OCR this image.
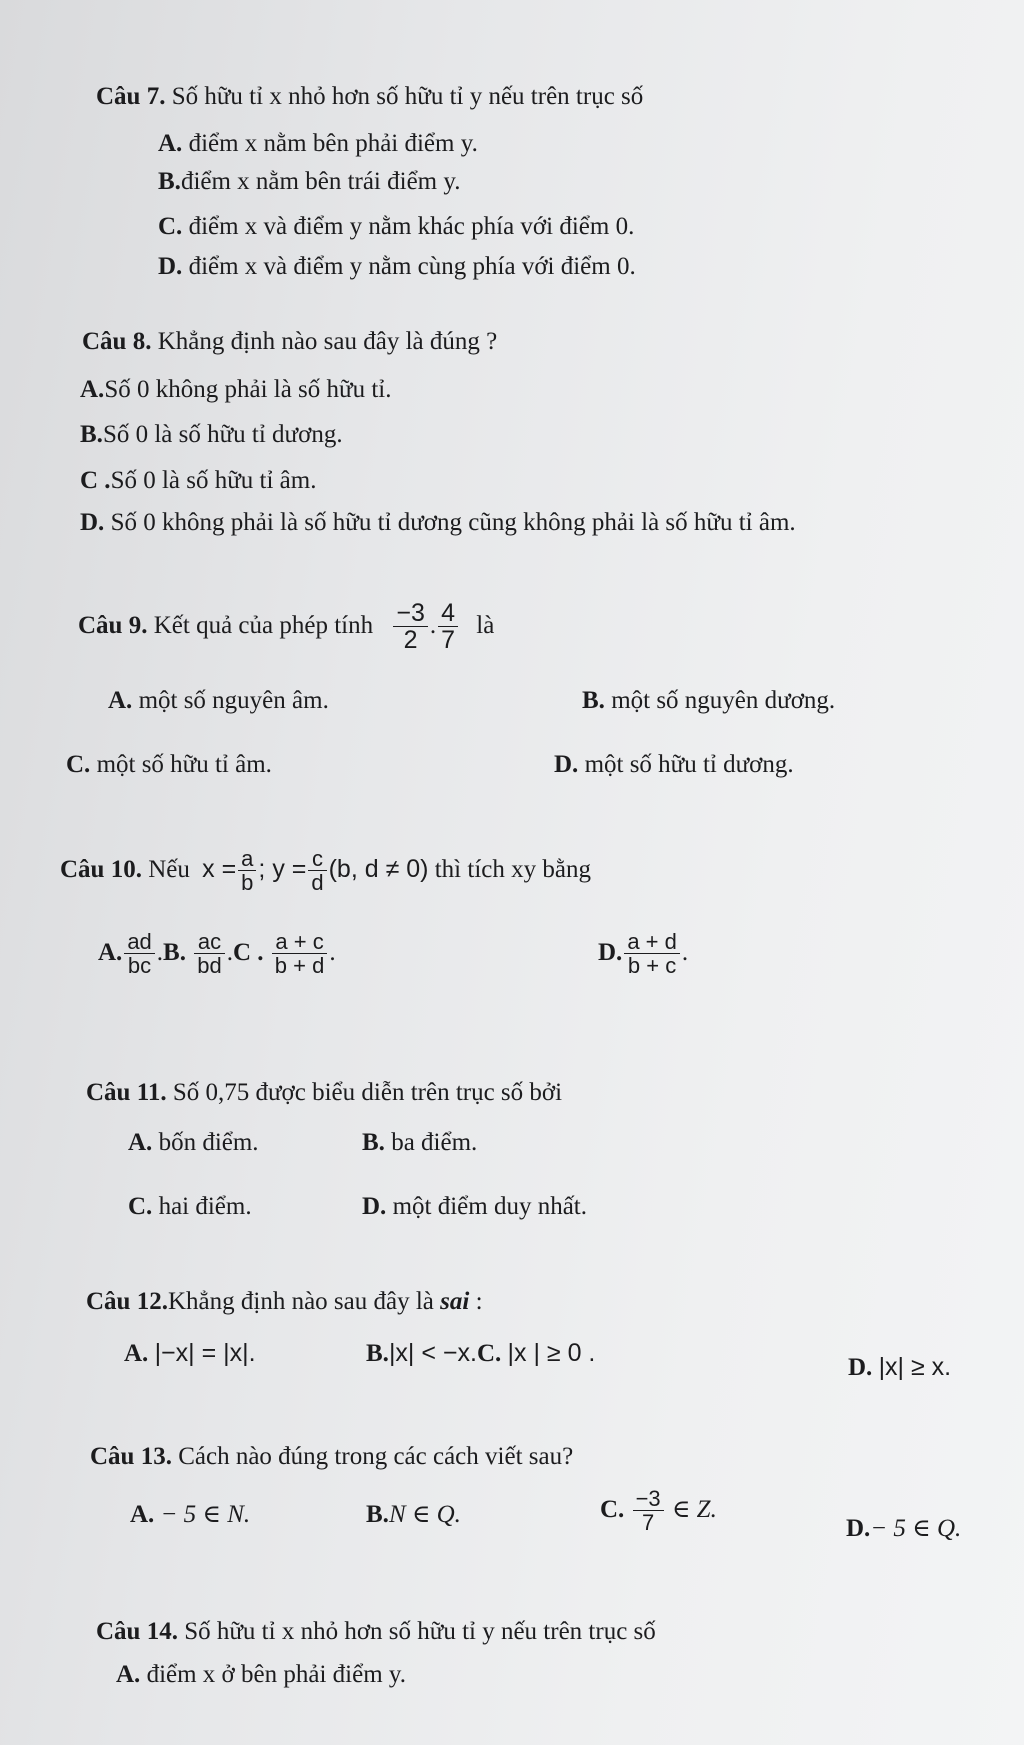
Câu 7. Số hữu tỉ x nhỏ hơn số hữu tỉ y nếu trên trục số
A. điểm x nằm bên phải điểm y.
B.điểm x nằm bên trái điểm y.
C. điểm x và điểm y nằm khác phía với điểm 0.
D. điểm x và điểm y nằm cùng phía với điểm 0.
Câu 8. Khẳng định nào sau đây là đúng ?
A.Số 0 không phải là số hữu tỉ.
B.Số 0 là số hữu tỉ dương.
C .Số 0 là số hữu tỉ âm.
D. Số 0 không phải là số hữu tỉ dương cũng không phải là số hữu tỉ âm.
Câu 9. Kết quả của phép tính $\frac{-3}{2}$ . $\frac{4}{7}$ là
A. một số nguyên âm.	B. một số nguyên dương.
C. một số hữu tỉ âm.	D. một số hữu tỉ dương.
Câu 10. Nếu $x = \frac{a}{b}$ ; $y = \frac{c}{d} (b$, d ≠ 0) thì tích xy bằng
A. $\frac{ad}{bc} .B$. $\frac{ac}{bd} .C$ . $\frac{a + c}{b + d}$ .	D. $\frac{a + d}{b + c}$ .
Câu 11. Số 0,75 được biểu diễn trên trục số bởi
A. bốn điểm.	B. ba điểm.
C. hai điểm.	D. một điểm duy nhất.
Câu 12.Khẳng định nào sau đây là sai :
A. |−x| = |x|.	B.|x| < −x.C. |x | ≥ 0 .
D. |x| ≥ x.
Câu 13. Cách nào đúng trong các cách viết sau?
A. − 5 ∈ N.	B.N ∈ Q.	C. $\frac{-3}{7}$ ∈ Z.
D.− 5 ∈ Q.
Câu 14. Số hữu tỉ x nhỏ hơn số hữu tỉ y nếu trên trục số
A. điểm x ở bên phải điểm y.
